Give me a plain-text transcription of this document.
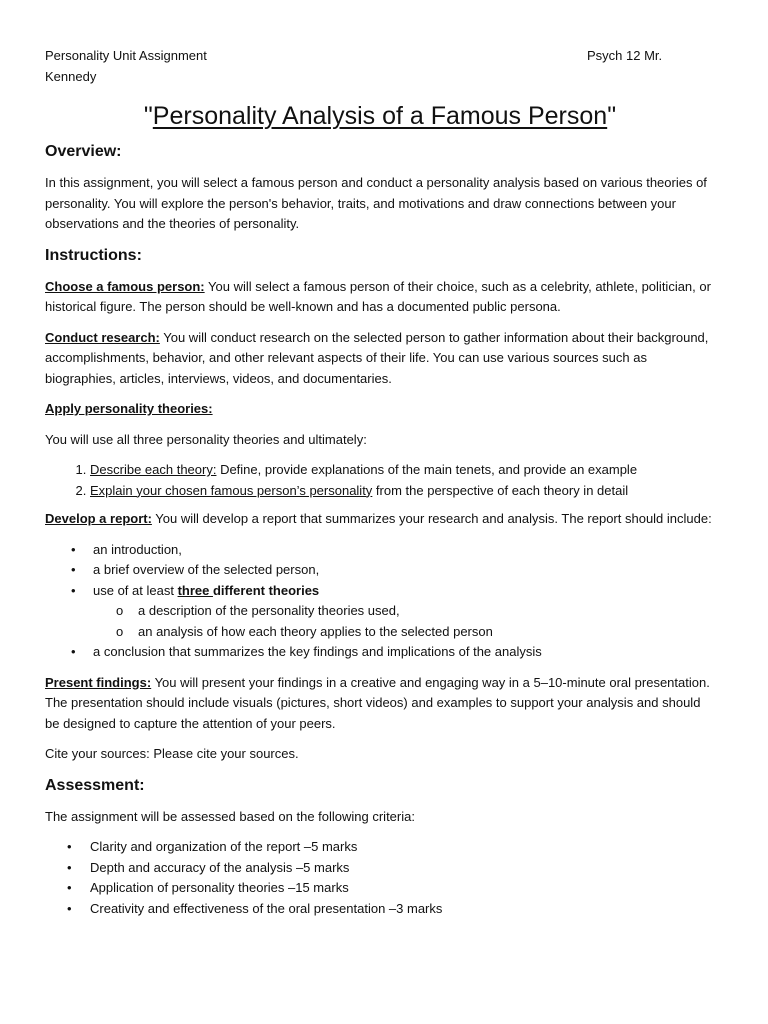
Personality Unit Assignment
Kennedy
Psych 12 Mr.
"Personality Analysis of a Famous Person"
Overview:

In this assignment, you will select a famous person and conduct a personality analysis based on various theories of personality. You will explore the person's behavior, traits, and motivations and draw connections between your observations and the theories of personality.

Instructions:

Choose a famous person: You will select a famous person of their choice, such as a celebrity, athlete, politician, or historical figure. The person should be well-known and has a documented public persona.

Conduct research: You will conduct research on the selected person to gather information about their background, accomplishments, behavior, and other relevant aspects of their life. You can use various sources such as biographies, articles, interviews, videos, and documentaries.

Apply personality theories:

You will use all three personality theories and ultimately:

1. Describe each theory: Define, provide explanations of the main tenets, and provide an example
2. Explain your chosen famous person’s personality from the perspective of each theory in detail

Develop a report: You will develop a report that summarizes your research and analysis. The report should include:

• an introduction,
• a brief overview of the selected person,
• use of at least three different theories
o a description of the personality theories used,
o an analysis of how each theory applies to the selected person
• a conclusion that summarizes the key findings and implications of the analysis

Present findings: You will present your findings in a creative and engaging way in a 5–10-minute oral presentation. The presentation should include visuals (pictures, short videos) and examples to support your analysis and should be designed to capture the attention of your peers.

Cite your sources: Please cite your sources.

Assessment:

The assignment will be assessed based on the following criteria:

• Clarity and organization of the report –5 marks
• Depth and accuracy of the analysis –5 marks
• Application of personality theories –15 marks
• Creativity and effectiveness of the oral presentation –3 marks
